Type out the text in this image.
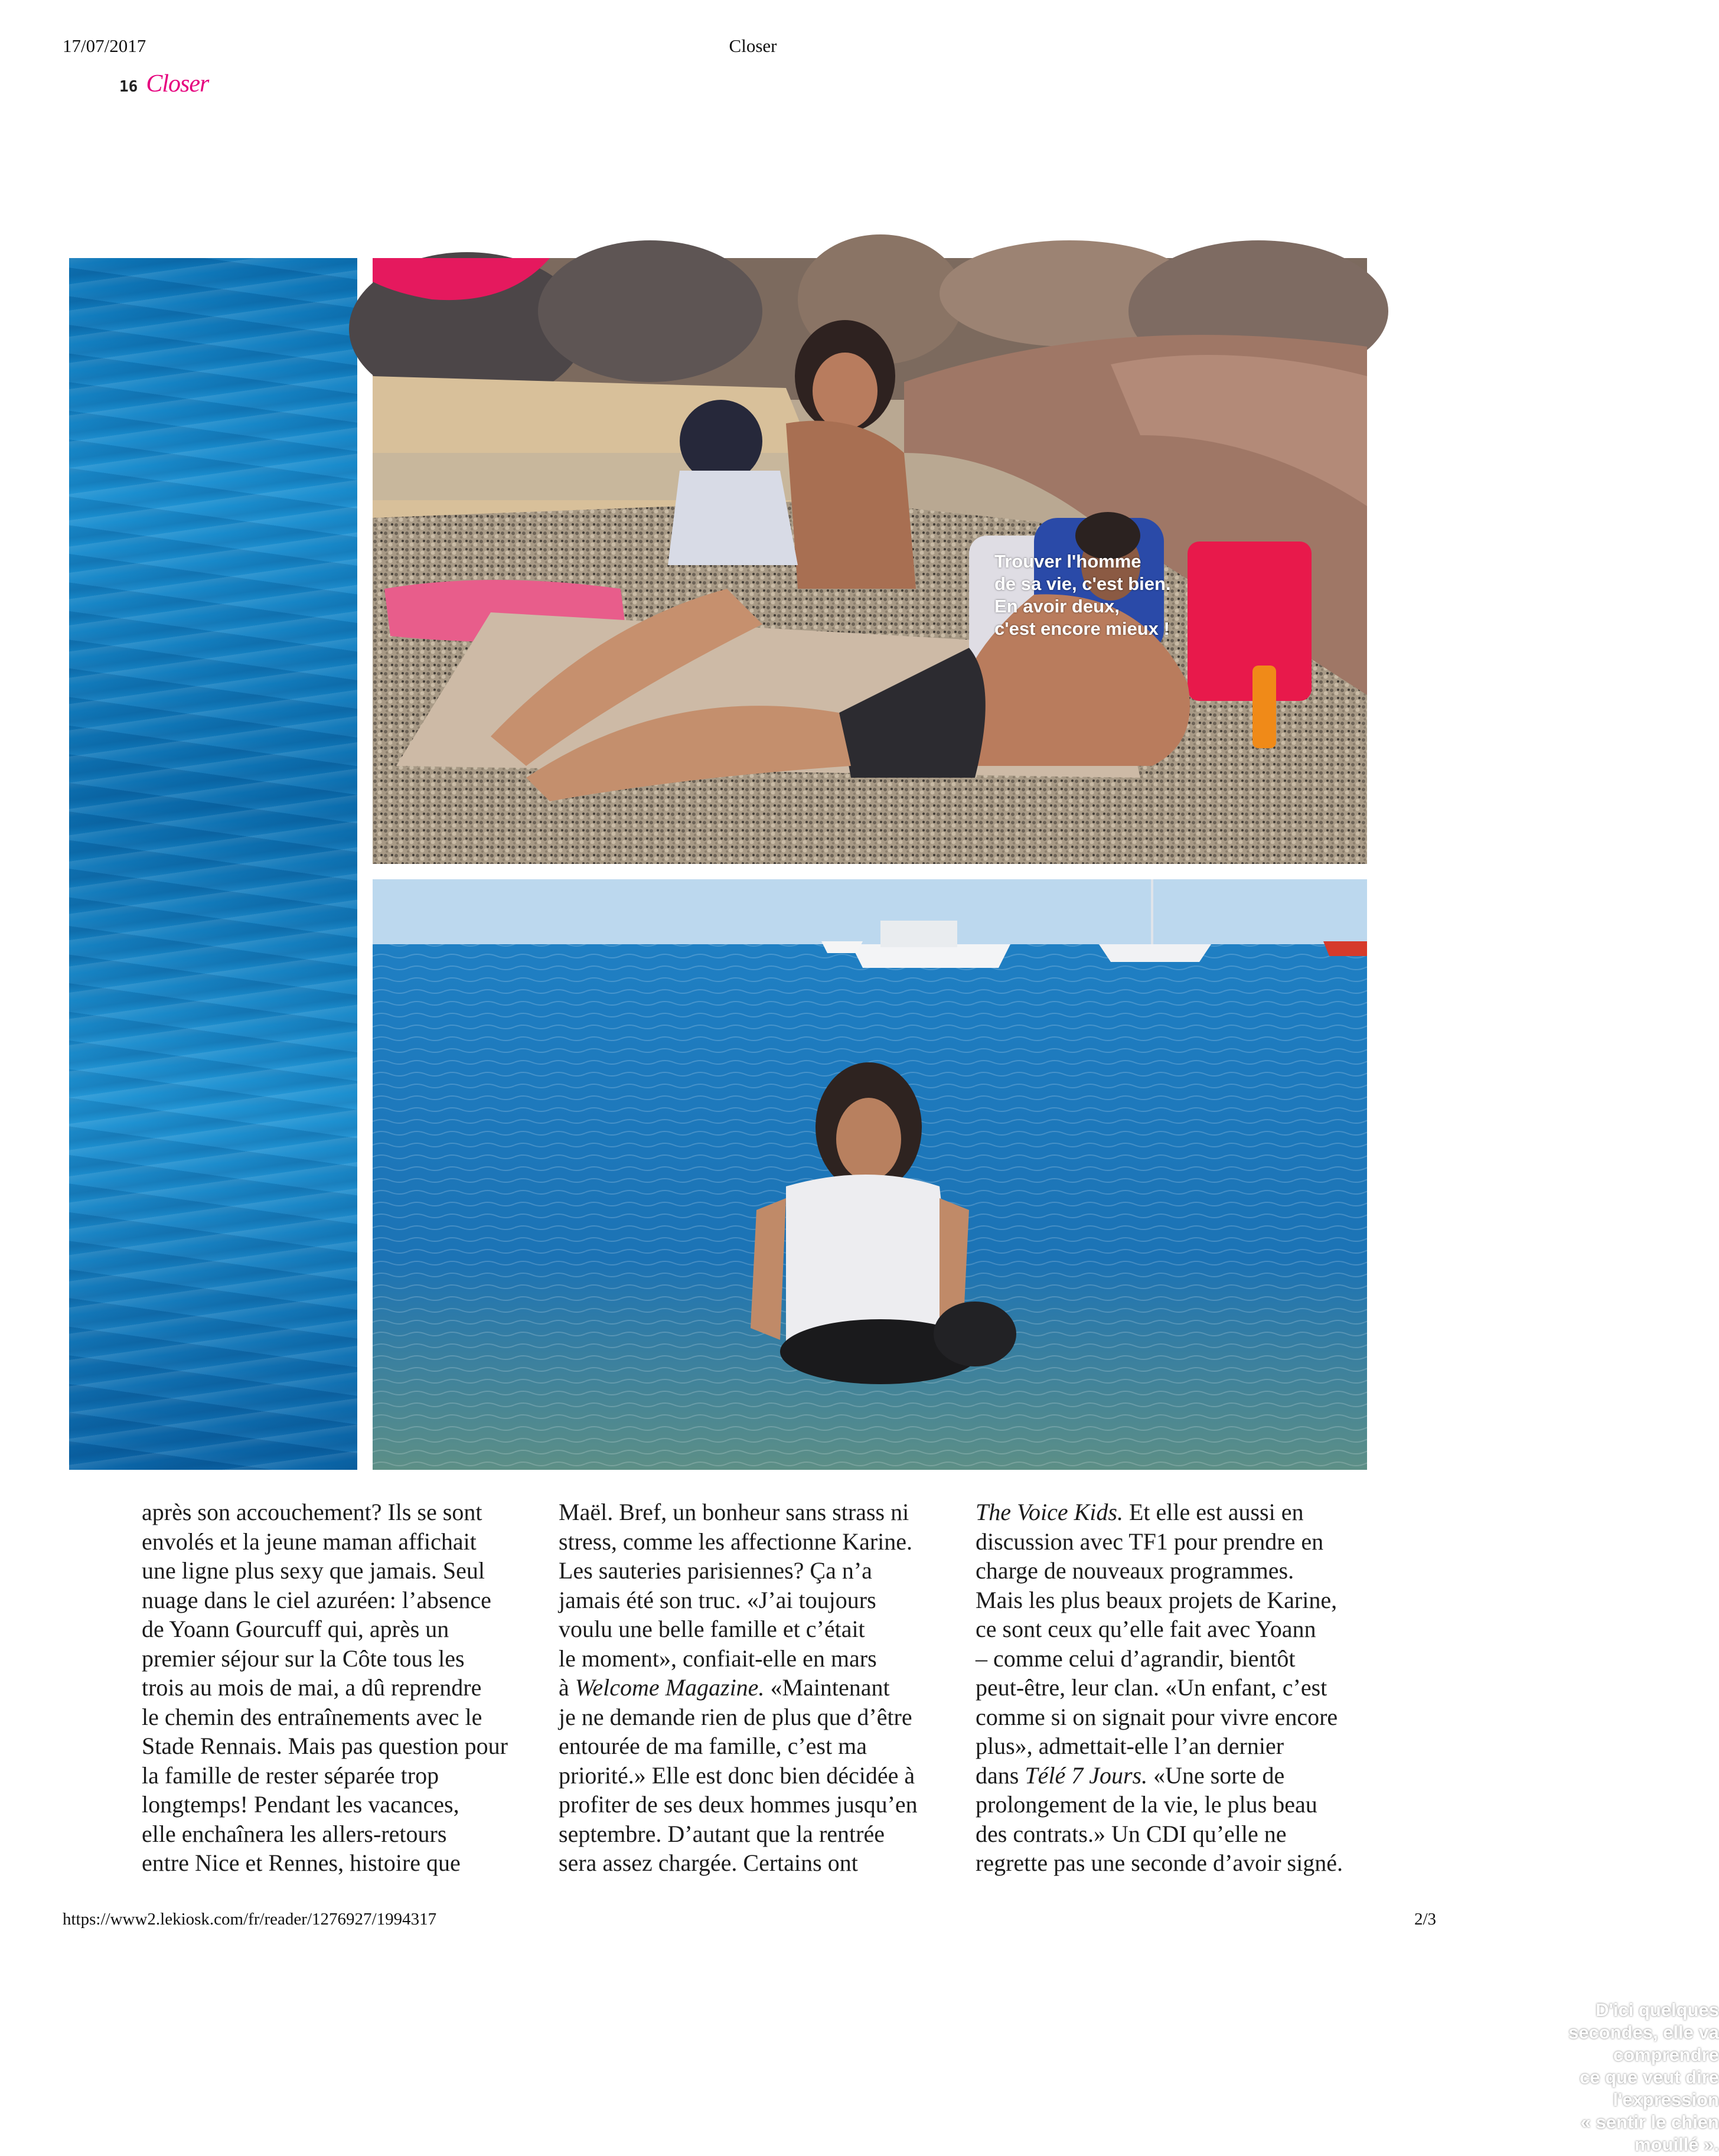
17/07/2017	Closer
16 Closer
Trouver l'homme
de sa vie, c'est bien.
En avoir deux,
c'est encore mieux !
D'ici quelques
secondes, elle va
comprendre
ce que veut dire
l'expression
« sentir le chien
mouillé ».
après son accouchement? Ils se sont
envolés et la jeune maman affichait
une ligne plus sexy que jamais. Seul
nuage dans le ciel azuréen: l’absence
de Yoann Gourcuff qui, après un
premier séjour sur la Côte tous les
trois au mois de mai, a dû reprendre
le chemin des entraînements avec le
Stade Rennais. Mais pas question pour
la famille de rester séparée trop
longtemps! Pendant les vacances,
elle enchaînera les allers-retours
entre Nice et Rennes, histoire que
Maël. Bref, un bonheur sans strass ni
stress, comme les affectionne Karine.
Les sauteries parisiennes? Ça n’a
jamais été son truc. «J’ai toujours
voulu une belle famille et c’était
le moment», confiait-elle en mars
à Welcome Magazine. «Maintenant
je ne demande rien de plus que d’être
entourée de ma famille, c’est ma
priorité.» Elle est donc bien décidée à
profiter de ses deux hommes jusqu’en
septembre. D’autant que la rentrée
sera assez chargée. Certains ont
The Voice Kids. Et elle est aussi en
discussion avec TF1 pour prendre en
charge de nouveaux programmes.
Mais les plus beaux projets de Karine,
ce sont ceux qu’elle fait avec Yoann
– comme celui d’agrandir, bientôt
peut-être, leur clan. «Un enfant, c’est
comme si on signait pour vivre encore
plus», admettait-elle l’an dernier
dans Télé 7 Jours. «Une sorte de
prolongement de la vie, le plus beau
des contrats.» Un CDI qu’elle ne
regrette pas une seconde d’avoir signé.
https://www2.lekiosk.com/fr/reader/1276927/1994317	2/3
